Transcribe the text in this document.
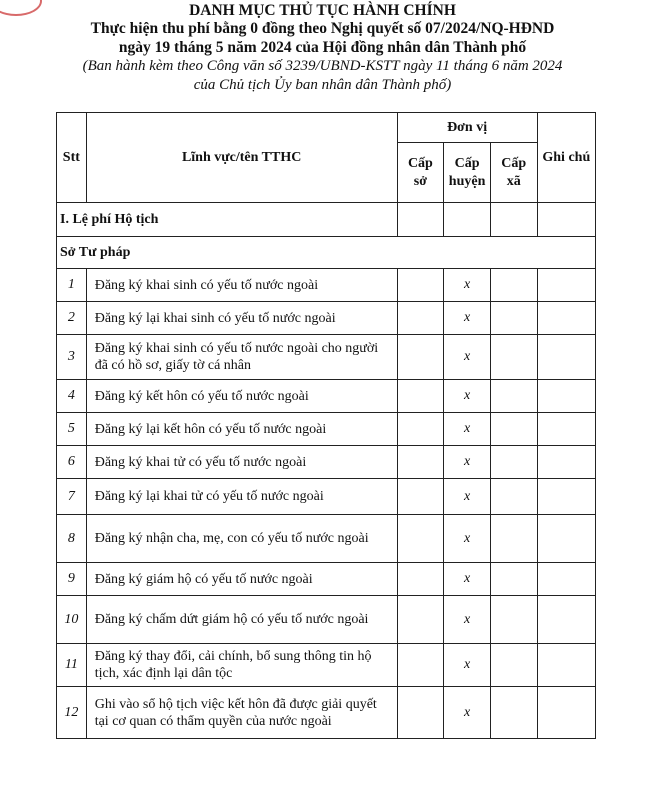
DANH MỤC THỦ TỤC HÀNH CHÍNH
Thực hiện thu phí bằng 0 đồng theo Nghị quyết số 07/2024/NQ-HĐND
ngày 19 tháng 5 năm 2024 của Hội đồng nhân dân Thành phố
(Ban hành kèm theo Công văn số 3239/UBND-KSTT ngày 11 tháng 6 năm 2024
của Chủ tịch Ủy ban nhân dân Thành phố)
Stt	Lĩnh vực/tên TTHC	Đơn vị			Ghi chú
		Cấp sở	Cấp huyện	Cấp xã	
I. Lệ phí Hộ tịch					
Sở Tư pháp					
1	Đăng ký khai sinh có yếu tố nước ngoài		x		
2	Đăng ký lại khai sinh có yếu tố nước ngoài		x		
3	Đăng ký khai sinh có yếu tố nước ngoài cho người đã có hồ sơ, giấy tờ cá nhân		x		
4	Đăng ký kết hôn có yếu tố nước ngoài		x		
5	Đăng ký lại kết hôn có yếu tố nước ngoài		x		
6	Đăng ký khai tử có yếu tố nước ngoài		x		
7	Đăng ký lại khai tử có yếu tố nước ngoài		x		
8	Đăng ký nhận cha, mẹ, con có yếu tố nước ngoài		x		
9	Đăng ký giám hộ có yếu tố nước ngoài		x		
10	Đăng ký chấm dứt giám hộ có yếu tố nước ngoài		x		
11	Đăng ký thay đổi, cải chính, bổ sung thông tin hộ tịch, xác định lại dân tộc		x		
12	Ghi vào sổ hộ tịch việc kết hôn đã được giải quyết tại cơ quan có thẩm quyền của nước ngoài		x		
